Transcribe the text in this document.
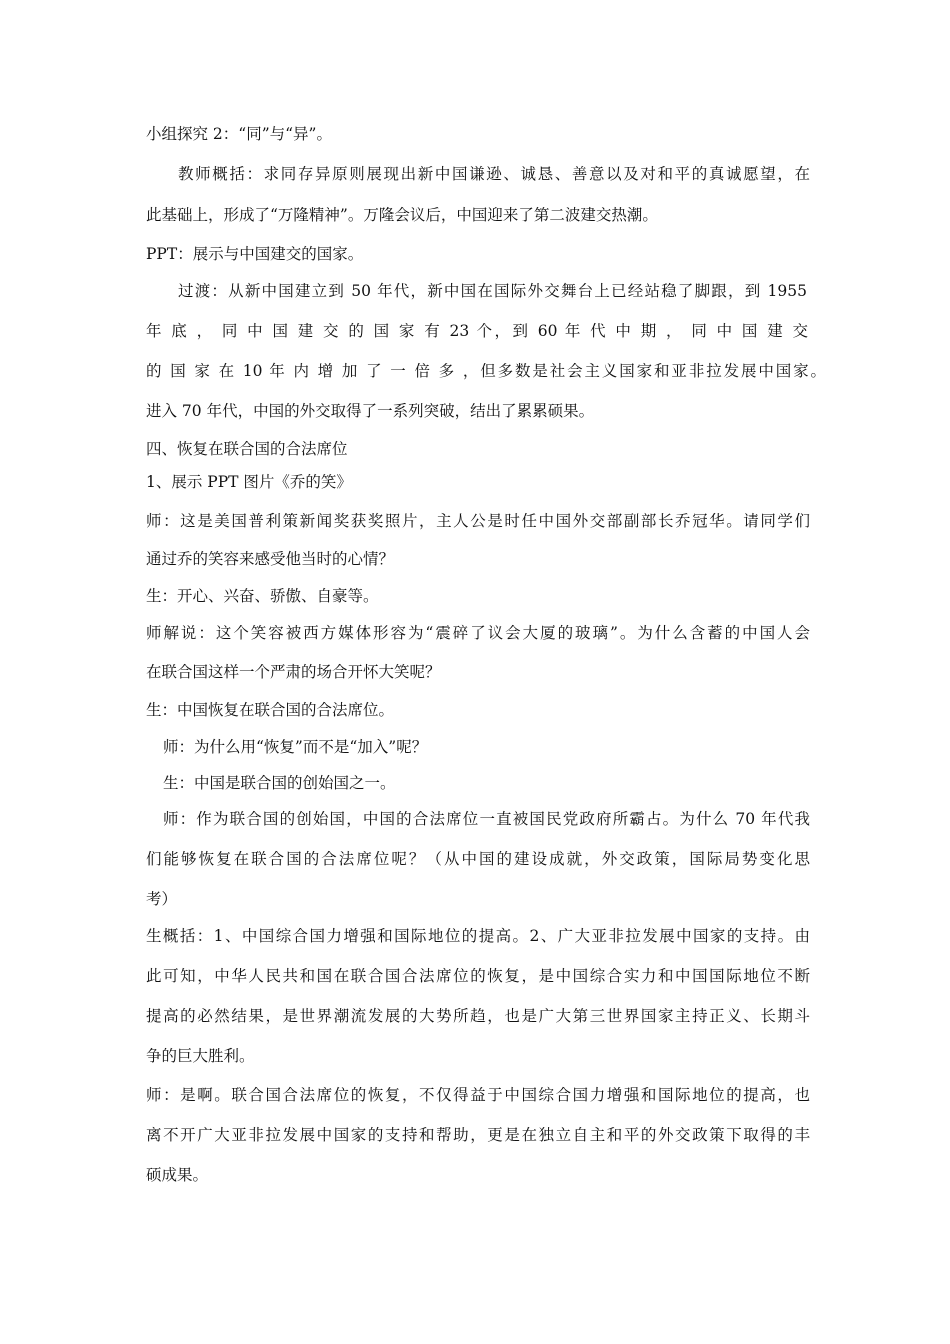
小组探究 2：“同”与“异”。
教师概括：求同存异原则展现出新中国谦逊、诚恳、善意以及对和平的真诚愿望，在
此基础上，形成了“万隆精神”。万隆会议后，中国迎来了第二波建交热潮。
PPT：展示与中国建交的国家。
过渡：从新中国建立到 50 年代，新中国在国际外交舞台上已经站稳了脚跟，到 1955
年 底 ， 同 中 国 建 交 的 国 家 有 23 个，到 60 年 代 中 期 ， 同 中 国 建 交
的 国 家 在 10 年 内 增 加 了 一 倍 多 ，但多数是社会主义国家和亚非拉发展中国家。
进入 70 年代，中国的外交取得了一系列突破，结出了累累硕果。
四、恢复在联合国的合法席位
1、展示 PPT 图片《乔的笑》
师：这是美国普利策新闻奖获奖照片，主人公是时任中国外交部副部长乔冠华。请同学们
通过乔的笑容来感受他当时的心情？
生：开心、兴奋、骄傲、自豪等。
师解说：这个笑容被西方媒体形容为“震碎了议会大厦的玻璃”。为什么含蓄的中国人会
在联合国这样一个严肃的场合开怀大笑呢？
生：中国恢复在联合国的合法席位。
师：为什么用“恢复”而不是“加入”呢？
生：中国是联合国的创始国之一。
师：作为联合国的创始国，中国的合法席位一直被国民党政府所霸占。为什么 70 年代我
们能够恢复在联合国的合法席位呢？（从中国的建设成就，外交政策，国际局势变化思
考）
生概括：1、中国综合国力增强和国际地位的提高。2、广大亚非拉发展中国家的支持。由
此可知，中华人民共和国在联合国合法席位的恢复，是中国综合实力和中国国际地位不断
提高的必然结果，是世界潮流发展的大势所趋，也是广大第三世界国家主持正义、长期斗
争的巨大胜利。
师：是啊。联合国合法席位的恢复，不仅得益于中国综合国力增强和国际地位的提高，也
离不开广大亚非拉发展中国家的支持和帮助，更是在独立自主和平的外交政策下取得的丰
硕成果。
